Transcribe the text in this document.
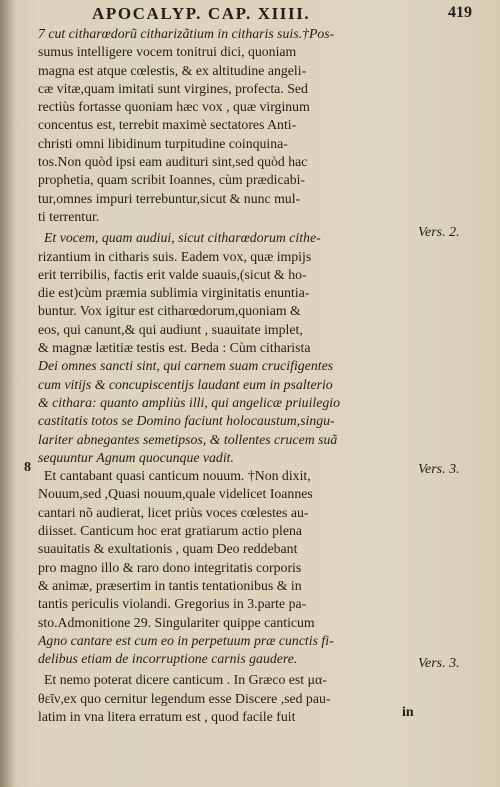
APOCALYP. CAP. XIIII.	419
7 cut citharœdorũ citharizãtium in citharis suis.†Pos-
sumus intelligere vocem tonitrui dici, quoniam
magna est atque cœlestis, & ex altitudine angeli-
cæ vitæ,quam imitati sunt virgines, profecta. Sed
rectiùs fortasse quoniam hæc vox , quæ virginum
concentus est, terrebit maximè sectatores Anti-
christi omni libidinum turpitudine coinquina-
tos.Non quòd ipsi eam audituri sint,sed quòd hac
prophetia, quam scribit Ioannes, cùm prædicabi-
tur,omnes impuri terrebuntur,sicut & nunc mul-
ti terrentur.
Et vocem, quam audiui, sicut citharœdorum cithe-
rizantium in citharis suis. Eadem vox, quæ impijs
erit terribilis, factis erit valde suauis,(sicut & ho-
die est)cùm præmia sublimia virginitatis enuntia-
buntur. Vox igitur est citharœdorum,quoniam &
eos, qui canunt,& qui audiunt , suauitate implet,
& magnæ lætitiæ testis est. Beda : Cùm citharista
Dei omnes sancti sint, qui carnem suam crucifigentes
cum vitijs & concupiscentijs laudant eum in psalterio
& cithara: quanto ampliùs illi, qui angelicæ priuilegio
castitatis totos se Domino faciunt holocaustum,singu-
lariter abnegantes semetipsos, & tollentes crucem suã
sequuntur Agnum quocunque vadit.
Et cantabant quasi canticum nouum. †Non dixit,
Nouum,sed ,Quasi nouum,quale videlicet Ioannes
cantari nõ audierat, licet priùs voces cœlestes au-
diisset. Canticum hoc erat gratiarum actio plena
suauitatis & exultationis , quam Deo reddebant
pro magno illo & raro dono integritatis corporis
& animæ, præsertim in tantis tentationibus & in
tantis periculis violandi. Gregorius in 3.parte pa-
sto.Admonitione 29. Singulariter quippe canticum
Agno cantare est cum eo in perpetuum præ cunctis fi-
delibus etiam de incorruptione carnis gaudere.
Et nemo poterat dicere canticum . In Græco est μα-
θεῖν,ex quo cernitur legendum esse Discere ,sed pau-
latim in vna litera erratum est , quod facile fuit
Vers. 2.
8	Vers. 3.
Vers. 3.
in
